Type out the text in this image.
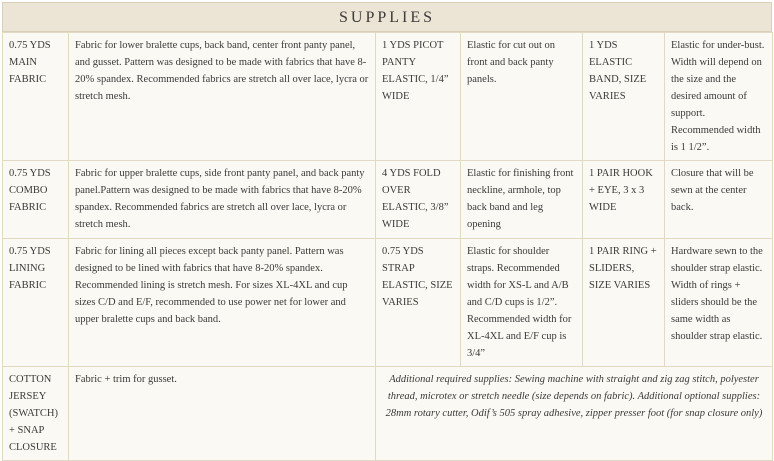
SUPPLIES
0.75 YDS MAIN FABRIC	Fabric for lower bralette cups, back band, center front panty panel, and gusset. Pattern was designed to be made with fabrics that have 8-20% spandex. Recommended fabrics are stretch all over lace, lycra or stretch mesh.	1 YDS PICOT PANTY ELASTIC, 1/4” WIDE	Elastic for cut out on front and back panty panels.	1 YDS ELASTIC BAND, SIZE VARIES	Elastic for under-bust. Width will depend on the size and the desired amount of support. Recommended width is 1 1/2”.
0.75 YDS COMBO FABRIC	Fabric for upper bralette cups, side front panty panel, and back panty panel.Pattern was designed to be made with fabrics that have 8-20% spandex. Recommended fabrics are stretch all over lace, lycra or stretch mesh.	4 YDS FOLD OVER ELASTIC, 3/8” WIDE	Elastic for finishing front neckline, armhole, top back band and leg opening	1 PAIR HOOK + EYE, 3 x 3 WIDE	Closure that will be sewn at the center back.
0.75 YDS LINING FABRIC	Fabric for lining all pieces except back panty panel. Pattern was designed to be lined with fabrics that have 8-20% spandex. Recommended lining is stretch mesh. For sizes XL-4XL and cup sizes C/D and E/F, recommended to use power net for lower and upper bralette cups and back band.	0.75 YDS STRAP ELASTIC, SIZE VARIES	Elastic for shoulder straps. Recommended width for XS-L and A/B and C/D cups is 1/2”. Recommended width for XL-4XL and E/F cup is 3/4”	1 PAIR RING + SLIDERS, SIZE VARIES	Hardware sewn to the shoulder strap elastic. Width of rings + sliders should be the same width as shoulder strap elastic.
COTTON JERSEY (SWATCH) + SNAP CLOSURE	Fabric + trim for gusset.	Additional required supplies: Sewing machine with straight and zig zag stitch, polyester thread, microtex or stretch needle (size depends on fabric). Additional optional supplies: 28mm rotary cutter, Odif’s 505 spray adhesive, zipper presser foot (for snap closure only)			
